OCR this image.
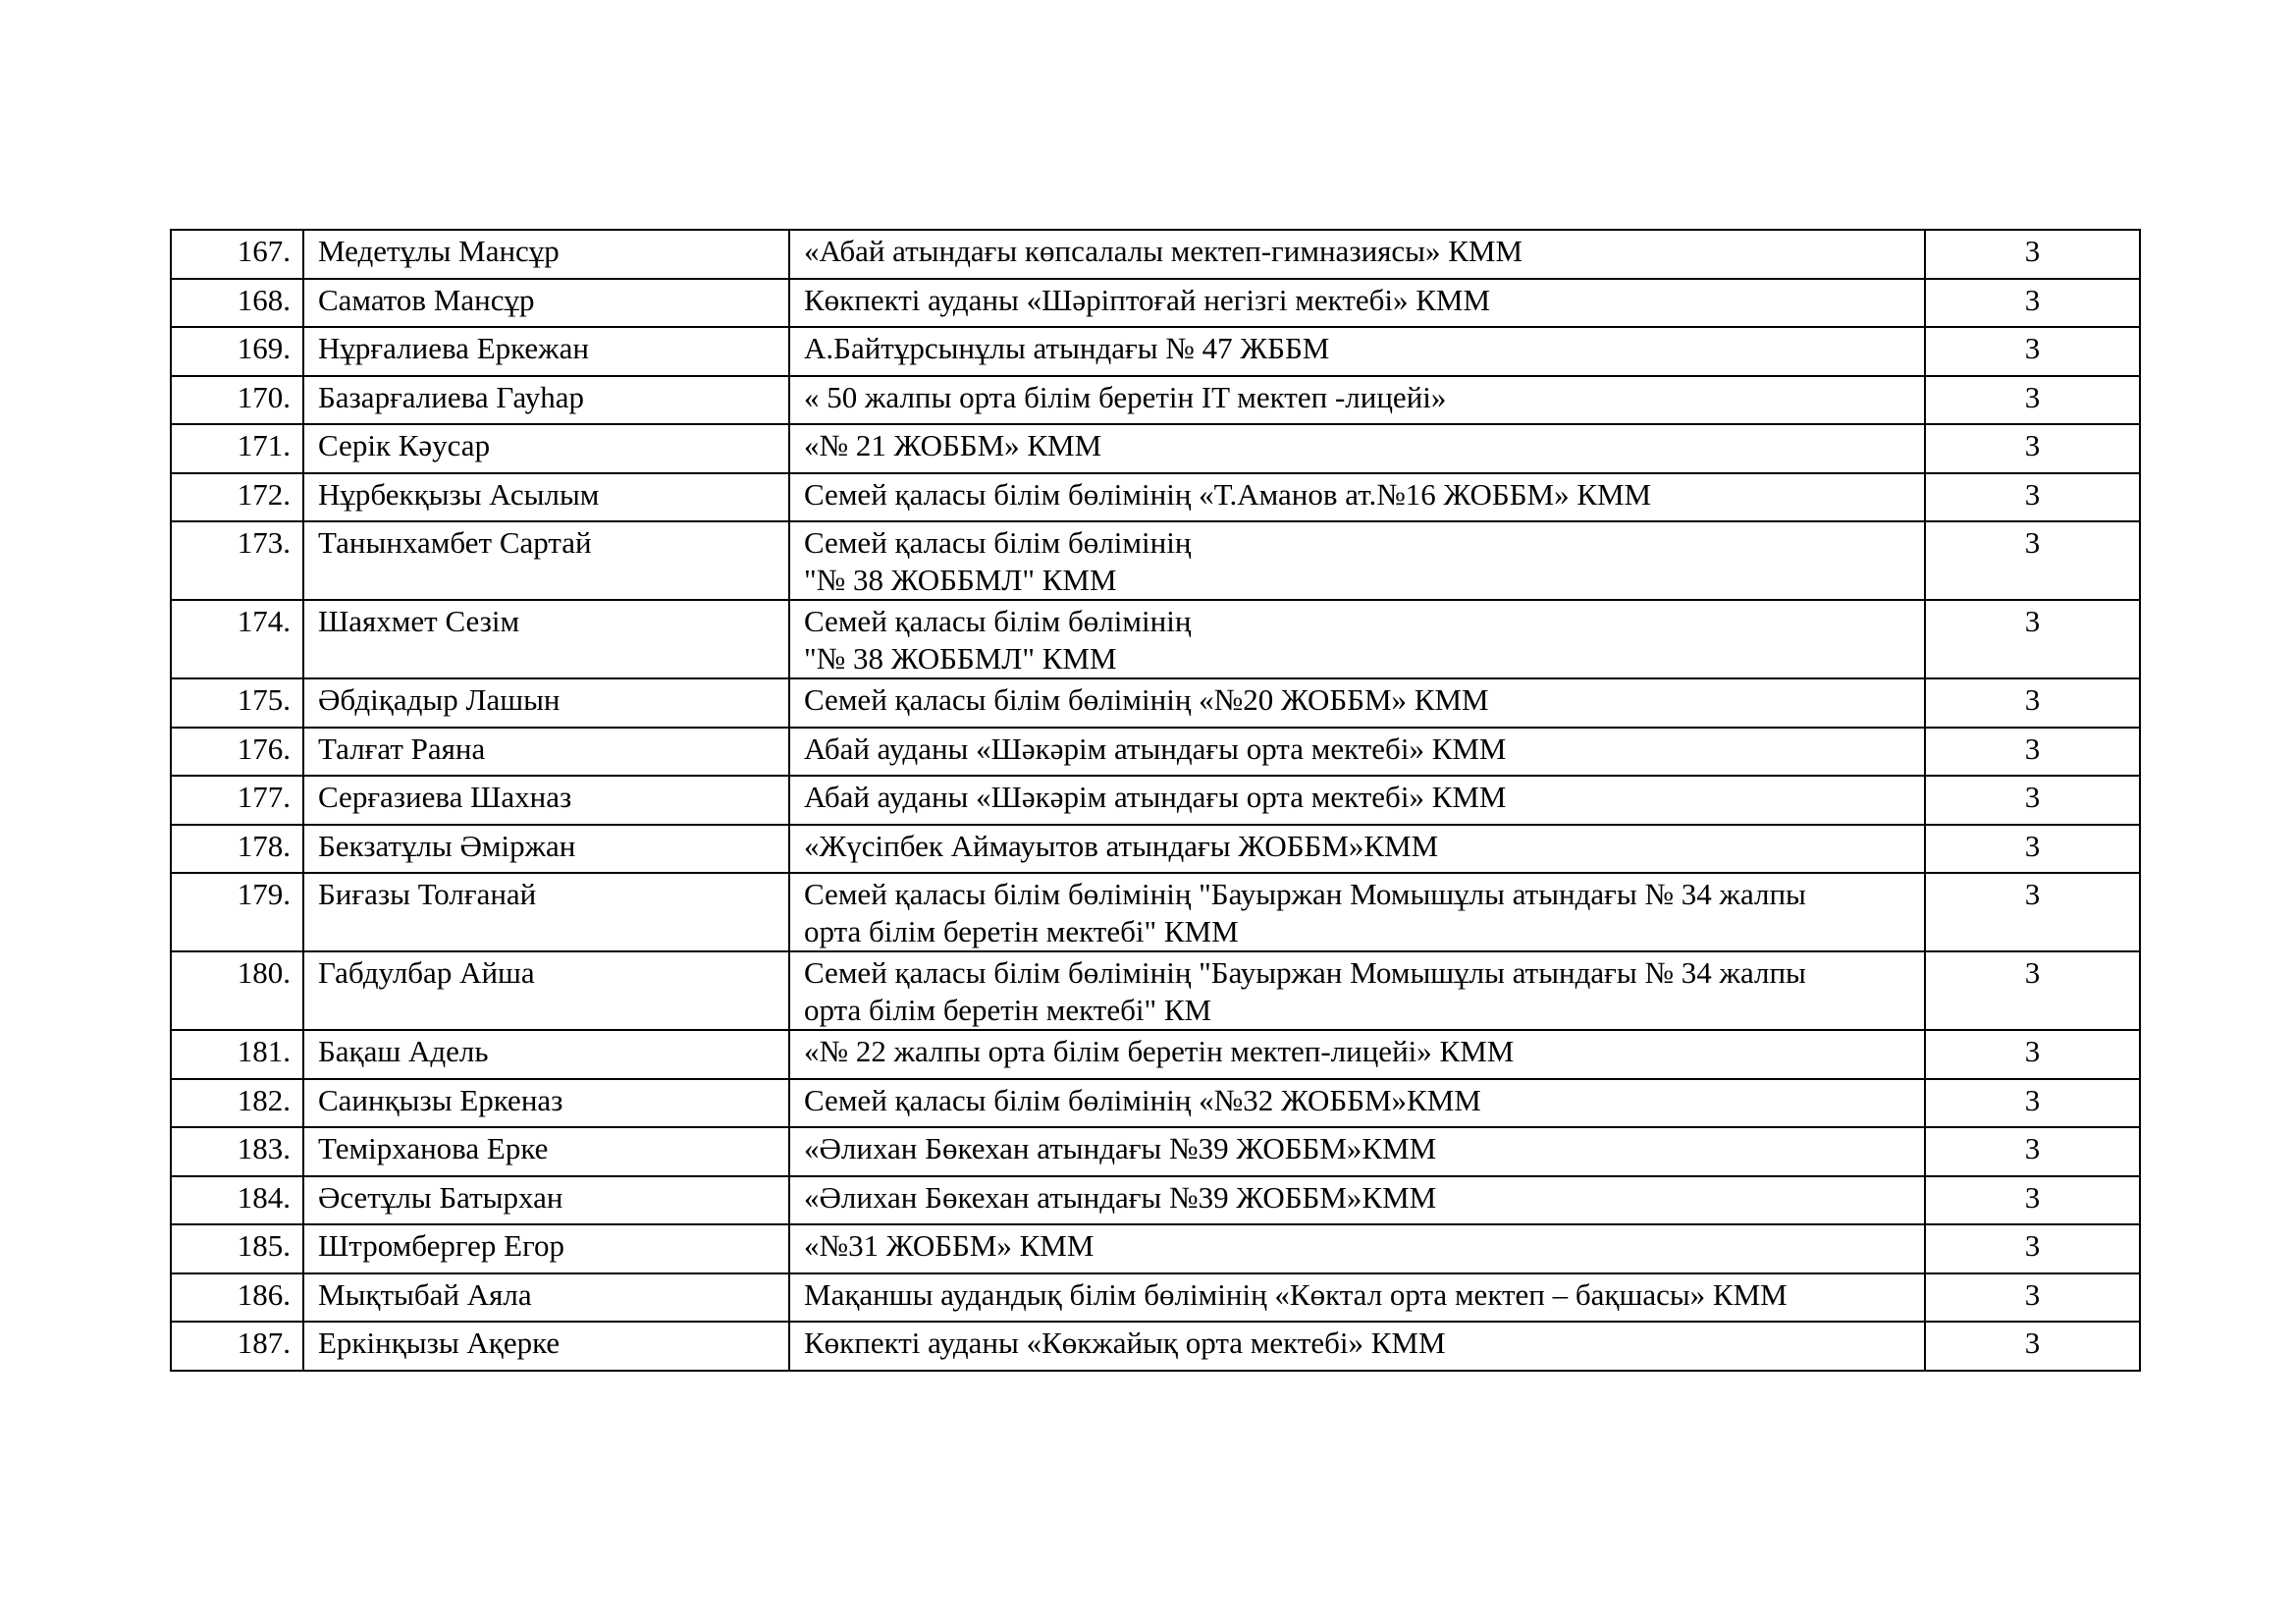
167.	Медетұлы Мансұр	«Абай атындағы көпсалалы мектеп-гимназиясы» КММ	3
168.	Саматов Мансұр	Көкпекті ауданы «Шәріптоғай негізгі мектебі» КММ	3
169.	Нұрғалиева Еркежан	А.Байтұрсынұлы атындағы № 47 ЖББМ	3
170.	Базарғалиева Гауһар	« 50 жалпы орта білім беретін IT мектеп -лицейі»	3
171.	Серік Кәусар	«№ 21 ЖОББМ» КММ	3
172.	Нұрбекқызы Асылым	Семей қаласы білім бөлімінің «Т.Аманов ат.№16 ЖОББМ» КММ	3
173.	Танынхамбет Сартай	Семей қаласы білім бөлімінің
"№ 38 ЖОББМЛ" КММ	3
174.	Шаяхмет Сезім	Семей қаласы білім бөлімінің
"№ 38 ЖОББМЛ" КММ	3
175.	Әбдіқадыр Лашын	Семей қаласы білім бөлімінің «№20 ЖОББМ» КММ	3
176.	Талғат Раяна	Абай ауданы «Шәкәрім атындағы орта мектебі» КММ	3
177.	Серғазиева Шахназ	Абай ауданы «Шәкәрім атындағы орта мектебі» КММ	3
178.	Бекзатұлы Әміржан	«Жүсіпбек Аймауытов атындағы ЖОББМ»КММ	3
179.	Биғазы Толғанай	Семей қаласы білім бөлімінің "Бауыржан Момышұлы атындағы № 34 жалпы
орта білім беретін мектебі" КММ	3
180.	Габдулбар Айша	Семей қаласы білім бөлімінің "Бауыржан Момышұлы атындағы № 34 жалпы
орта білім беретін мектебі" КМ	3
181.	Бақаш Адель	«№ 22 жалпы орта білім беретін мектеп-лицейі» КММ	3
182.	Саинқызы Еркеназ	Семей қаласы білім бөлімінің «№32 ЖОББМ»КММ	3
183.	Темірханова Ерке	«Әлихан Бөкехан атындағы №39 ЖОББМ»КММ	3
184.	Әсетұлы Батырхан	«Әлихан Бөкехан атындағы №39 ЖОББМ»КММ	3
185.	Штромбергер Егор	«№31 ЖОББМ» КММ	3
186.	Мықтыбай Аяла	Мақаншы аудандық білім бөлімінің «Көктал орта мектеп – бақшасы» КММ	3
187.	Еркінқызы Ақерке	Көкпекті ауданы «Көкжайық орта мектебі» КММ	3
